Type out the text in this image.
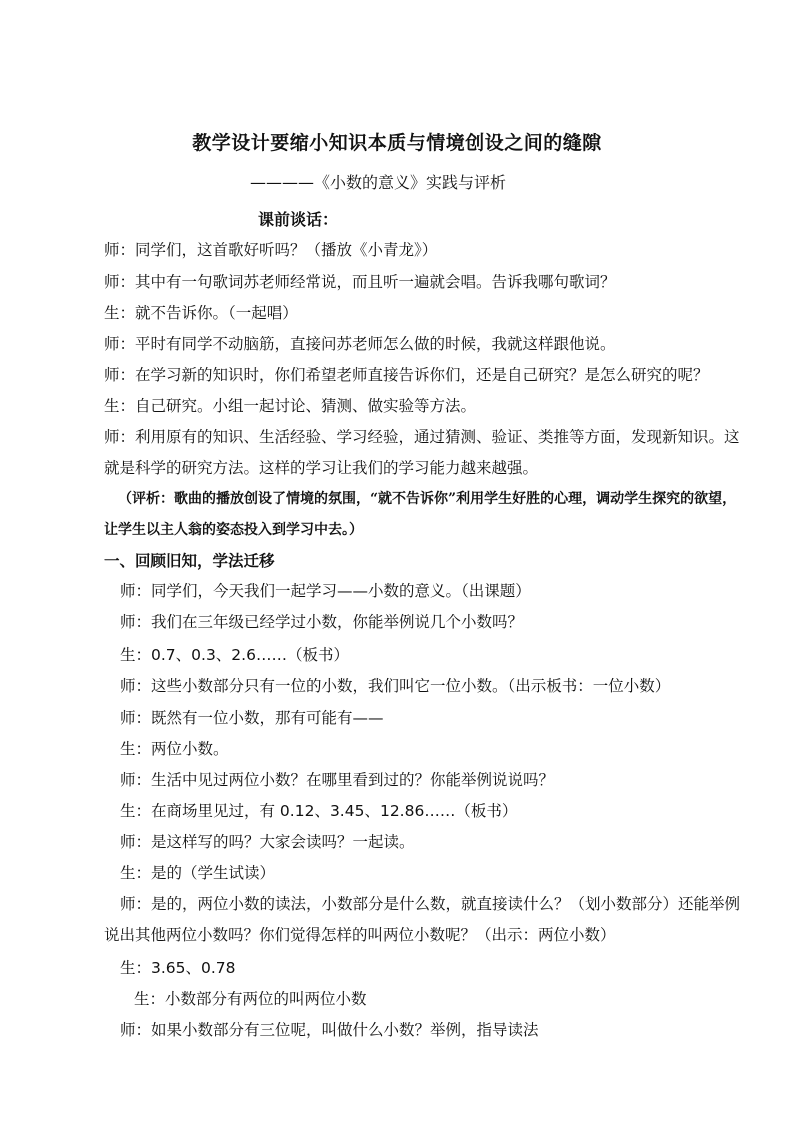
教学设计要缩小知识本质与情境创设之间的缝隙
————《小数的意义》实践与评析
课前谈话：
师：同学们，这首歌好听吗？（播放《小青龙》）
师：其中有一句歌词苏老师经常说，而且听一遍就会唱。告诉我哪句歌词？
生：就不告诉你。（一起唱）
师：平时有同学不动脑筋，直接问苏老师怎么做的时候，我就这样跟他说。
师：在学习新的知识时，你们希望老师直接告诉你们，还是自己研究？是怎么研究的呢？
生：自己研究。小组一起讨论、猜测、做实验等方法。
师：利用原有的知识、生活经验、学习经验，通过猜测、验证、类推等方面，发现新知识。这就是科学的研究方法。这样的学习让我们的学习能力越来越强。
（评析：歌曲的播放创设了情境的氛围，“就不告诉你”利用学生好胜的心理，调动学生探究的欲望，让学生以主人翁的姿态投入到学习中去。）
一、回顾旧知，学法迁移
师：同学们，今天我们一起学习——小数的意义。（出课题）
师：我们在三年级已经学过小数，你能举例说几个小数吗？
生：0.7、0.3、2.6……（板书）
师：这些小数部分只有一位的小数，我们叫它一位小数。（出示板书：一位小数）
师：既然有一位小数，那有可能有——
生：两位小数。
师：生活中见过两位小数？在哪里看到过的？你能举例说说吗？
生：在商场里见过，有 0.12、3.45、12.86……（板书）
师：是这样写的吗？大家会读吗？一起读。
生：是的（学生试读）
师：是的，两位小数的读法，小数部分是什么数，就直接读什么？（划小数部分）还能举例说出其他两位小数吗？你们觉得怎样的叫两位小数呢？（出示：两位小数）
生：3.65、0.78
生：小数部分有两位的叫两位小数
师：如果小数部分有三位呢，叫做什么小数？举例，指导读法
